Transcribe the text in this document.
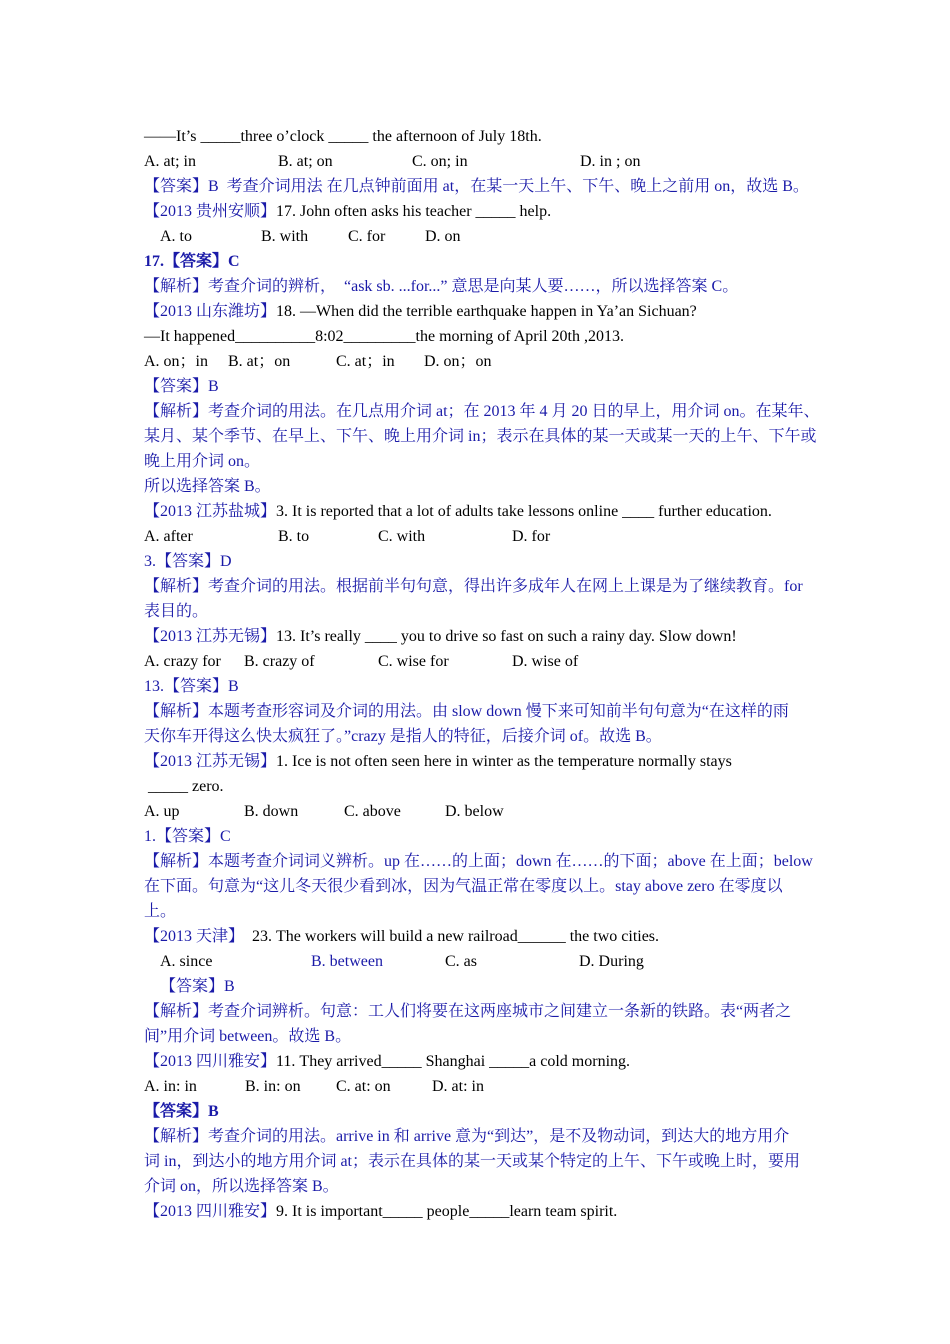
——It’s _____three o’clock _____ the afternoon of July 18th.

A. at; in

	B. at; on

	C. on; in

	D. in ; on

【答案】B  考查介词用法 在几点钟前面用 at，在某一天上午、下午、晚上之前用 on，故选 B。
【2013 贵州安顺】17. John often asks his teacher _____ help.

A. to

	B. with

C. for

D. on

17.【答案】C
【解析】考查介词的辨析，  “ask sb. ...for...” 意思是向某人要……，所以选择答案 C。
【2013 山东潍坊】18. —When did the terrible earthquake happen in Ya’an Sichuan?
—It happened__________8:02_________the morning of April 20th ,2013.

A. on；in

B. at；on

	C. at；in

D. on；on

【答案】B
【解析】考查介词的用法。在几点用介词 at；在 2013 年 4 月 20 日的早上，用介词 on。在某年、
某月、某个季节、在早上、下午、晚上用介词 in；表示在具体的某一天或某一天的上午、下午或
晚上用介词 on。
所以选择答案 B。
【2013 江苏盐城】3. It is reported that a lot of adults take lessons online ____ further education.

A. after

	B. to

	C. with

	D. for

3.【答案】D
【解析】考查介词的用法。根据前半句句意，得出许多成年人在网上上课是为了继续教育。for
表目的。
【2013 江苏无锡】13. It’s really ____ you to drive so fast on such a rainy day. Slow down!

A. crazy for

B. crazy of

	C. wise for

	D. wise of

13.【答案】B
【解析】本题考查形容词及介词的用法。由 slow down 慢下来可知前半句句意为“在这样的雨
天你车开得这么快太疯狂了。”crazy 是指人的特征，后接介词 of。故选 B。
【2013 江苏无锡】1. Ice is not often seen here in winter as the temperature normally stays
_____ zero.

A. up

	B. down

	C. above

	D. below

1.【答案】C
【解析】本题考查介词词义辨析。up 在……的上面；down 在……的下面；above 在上面；below
在下面。句意为“这儿冬天很少看到冰，因为气温正常在零度以上。stay above zero 在零度以
上。
【2013 天津】  23. The workers will build a new railroad______ the two cities.

A. since

	B. between

	C. as

	D. During

【答案】B
【解析】考查介词辨析。句意：工人们将要在这两座城市之间建立一条新的铁路。表“两者之
间”用介词 between。故选 B。
【2013 四川雅安】11. They arrived_____ Shanghai _____a cold morning.

A. in: in

	B. in: on

C. at: on

	D. at: in

【答案】B
【解析】考查介词的用法。arrive in 和 arrive 意为“到达”，是不及物动词，到达大的地方用介
词 in，到达小的地方用介词 at；表示在具体的某一天或某个特定的上午、下午或晚上时，要用
介词 on，所以选择答案 B。
【2013 四川雅安】9. It is important_____ people_____learn team spirit.
